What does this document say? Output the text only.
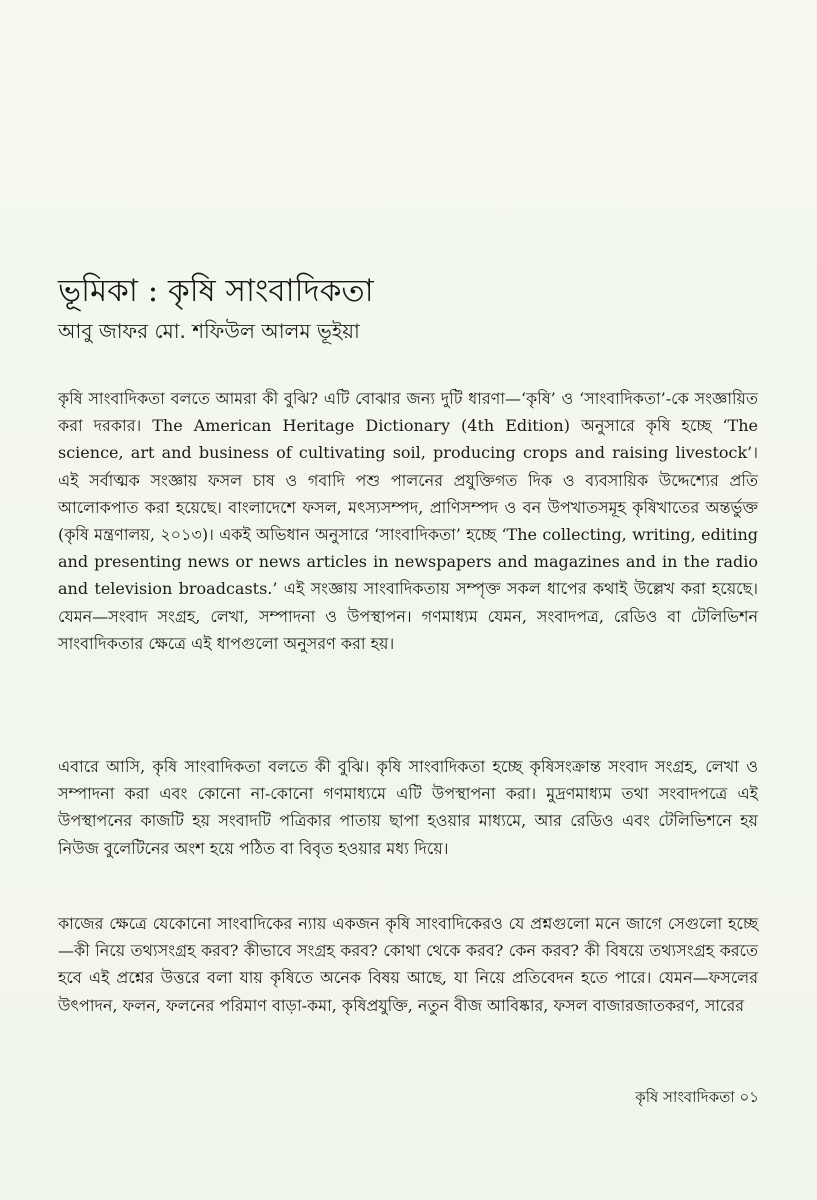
ভূমিকা : কৃষি সাংবাদিকতা
আবু জাফর মো. শফিউল আলম ভূইয়া

কৃষি সাংবাদিকতা বলতে আমরা কী বুঝি? এটি বোঝার জন্য দুটি ধারণা—‘কৃষি’ ও ‘সাংবাদিকতা’-কে সংজ্ঞায়িত করা দরকার। The American Heritage Dictionary (4th Edition) অনুসারে কৃষি হচ্ছে ‘The science, art and business of cultivating soil, producing crops and raising livestock’। এই সর্বাত্মক সংজ্ঞায় ফসল চাষ ও গবাদি পশু পালনের প্রযুক্তিগত দিক ও ব্যবসায়িক উদ্দেশ্যের প্রতি আলোকপাত করা হয়েছে। বাংলাদেশে ফসল, মৎস্যসম্পদ, প্রাণিসম্পদ ও বন উপখাতসমূহ কৃষিখাতের অন্তর্ভুক্ত (কৃষি মন্ত্রণালয়, ২০১৩)। একই অভিধান অনুসারে ‘সাংবাদিকতা’ হচ্ছে ‘The collecting, writing, editing and presenting news or news articles in newspapers and magazines and in the radio and television broadcasts.’ এই সংজ্ঞায় সাংবাদিকতায় সম্পৃক্ত সকল ধাপের কথাই উল্লেখ করা হয়েছে। যেমন—সংবাদ সংগ্রহ, লেখা, সম্পাদনা ও উপস্থাপন। গণমাধ্যম যেমন, সংবাদপত্র, রেডিও বা টেলিভিশন সাংবাদিকতার ক্ষেত্রে এই ধাপগুলো অনুসরণ করা হয়।

এবারে আসি, কৃষি সাংবাদিকতা বলতে কী বুঝি। কৃষি সাংবাদিকতা হচ্ছে কৃষিসংক্রান্ত সংবাদ সংগ্রহ, লেখা ও সম্পাদনা করা এবং কোনো না-কোনো গণমাধ্যমে এটি উপস্থাপনা করা। মুদ্রণমাধ্যম তথা সংবাদপত্রে এই উপস্থাপনের কাজটি হয় সংবাদটি পত্রিকার পাতায় ছাপা হওয়ার মাধ্যমে, আর রেডিও এবং টেলিভিশনে হয় নিউজ বুলেটিনের অংশ হয়ে পঠিত বা বিবৃত হওয়ার মধ্য দিয়ে।

কাজের ক্ষেত্রে যেকোনো সাংবাদিকের ন্যায় একজন কৃষি সাংবাদিকেরও যে প্রশ্নগুলো মনে জাগে সেগুলো হচ্ছে—কী নিয়ে তথ্যসংগ্রহ করব? কীভাবে সংগ্রহ করব? কোথা থেকে করব? কেন করব? কী বিষয়ে তথ্যসংগ্রহ করতে হবে এই প্রশ্নের উত্তরে বলা যায় কৃষিতে অনেক বিষয় আছে, যা নিয়ে প্রতিবেদন হতে পারে। যেমন—ফসলের উৎপাদন, ফলন, ফলনের পরিমাণ বাড়া-কমা, কৃষিপ্রযুক্তি, নতুন বীজ আবিষ্কার, ফসল বাজারজাতকরণ, সারের

কৃষি সাংবাদিকতা ০১
